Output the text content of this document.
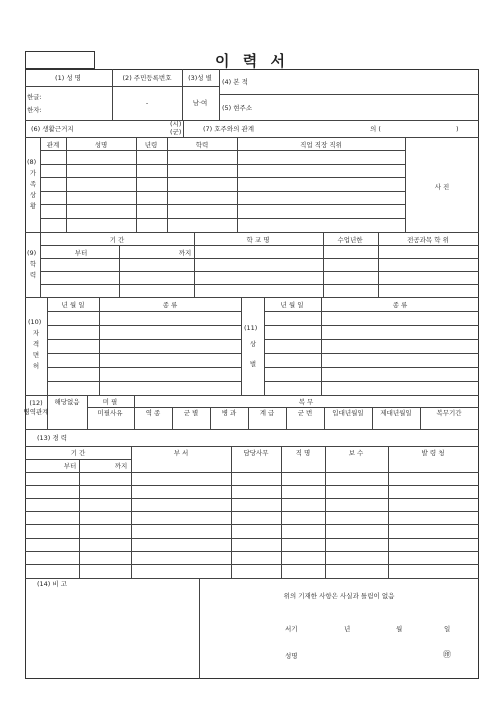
이 력 서
(1) 성 명	(2) 주민등록번호	(3)성 별
한글:
한자:
-	남·여
(4) 본 적
(5) 현주소
(6) 생활근거지
(시)
(군)	(7) 호주와의 관계	의 (	)
(8)
가족상황
관계	성명	년령	학력	직업 직장 직위
사 진
(9)
학력
기 간	학 교 명	수업년한	전공과목 학 위
부터	까지
(10)
자격면허
년 월 일	종 류
(11)
상벌
년 월 일	종 류
(12)
병역관계
해당없음	미 필	복 무
미필사유	역 종	군 별	병 과	계 급	군 번	입대년월일	제대년월일	복무기간
(13) 경 력
기 간	부 서	담당사무	직 명	보 수	발 령 청
부터	까지
(14) 비 고
위의 기재한 사항은 사실과 틀림이 없음
서기	년	월	일
성명	㊞
